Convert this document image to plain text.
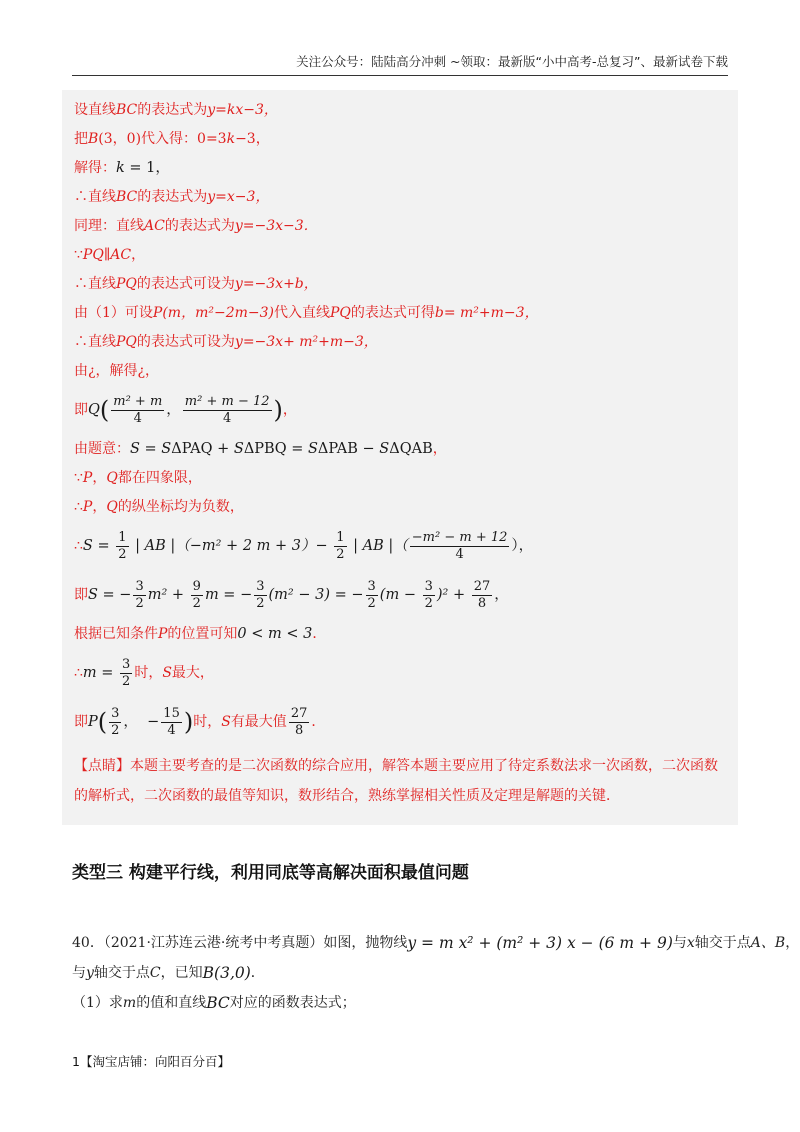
关注公众号：陆陆高分冲刺 ~领取：最新版“小中高考-总复习”、最新试卷下载
设直线 BC 的表达式为 y=kx−3，
把 B (3，0)代入得：0=3 k −3，
解得： k = 1，
∴直线 BC 的表达式为 y=x−3，
同理：直线 AC 的表达式为 y=−3x−3．
∵ PQ ∥ AC ，
∴直线 PQ 的表达式可设为 y=−3x+b，
由（1）可设 P(m，m²−2m−3) 代入直线 PQ 的表达式可得 b= m²+m−3，
∴直线 PQ 的表达式可设为 y=−3x+ m²+m−3，
由¿，解得¿，
即 Q ( $\frac{\text{m² + m}}{4}$ ， $\frac{\text{m² + m − 12}}{4}$ ) ，
由题意： S = S ΔPAQ + S ΔPBQ = S ΔPAB − S ΔQAB ，
∵ P ， Q 都在四象限，
∴ P ， Q 的纵坐标均为负数，
∴ $S = \frac{1}{2}$ | AB |（−m² + 2 $m + 3)- \frac{1}{2}$ | AB |（ $\frac{\text{−m² − m + 12}}{4}$ ），
即 S = − $\frac{3}{2} m^2 + \frac{9}{2}$ m = − $\frac{3}{2} (m^2 - 3)$ = − $\frac{3}{2} (m - \frac{3}{2} )^2 + \frac{27}{8}$ ，
根据已知条件 P 的位置可知 0 < m < 3 ．
∴ $m = \frac{3}{2}$ 时， S 最大，
即 P ( $\frac{3}{2}$ ，  − $\frac{15}{4}$ ) 时， S 有最大值 $\frac{27}{8}$ ．
【点睛】本题主要考查的是二次函数的综合应用，解答本题主要应用了待定系数法求一次函数，二次函数的解析式，二次函数的最值等知识，数形结合，熟练掌握相关性质及定理是解题的关键．
类型三 构建平行线，利用同底等高解决面积最值问题
40．（2021·江苏连云港·统考中考真题）如图，抛物线 y = m x² + (m² + 3) x − (6 m + 9) 与 x 轴交于点 A、B ，
与 y 轴交于点 C ，已知 B(3,0) ．
（1）求 m 的值和直线 BC 对应的函数表达式；
1【淘宝店铺：向阳百分百】
